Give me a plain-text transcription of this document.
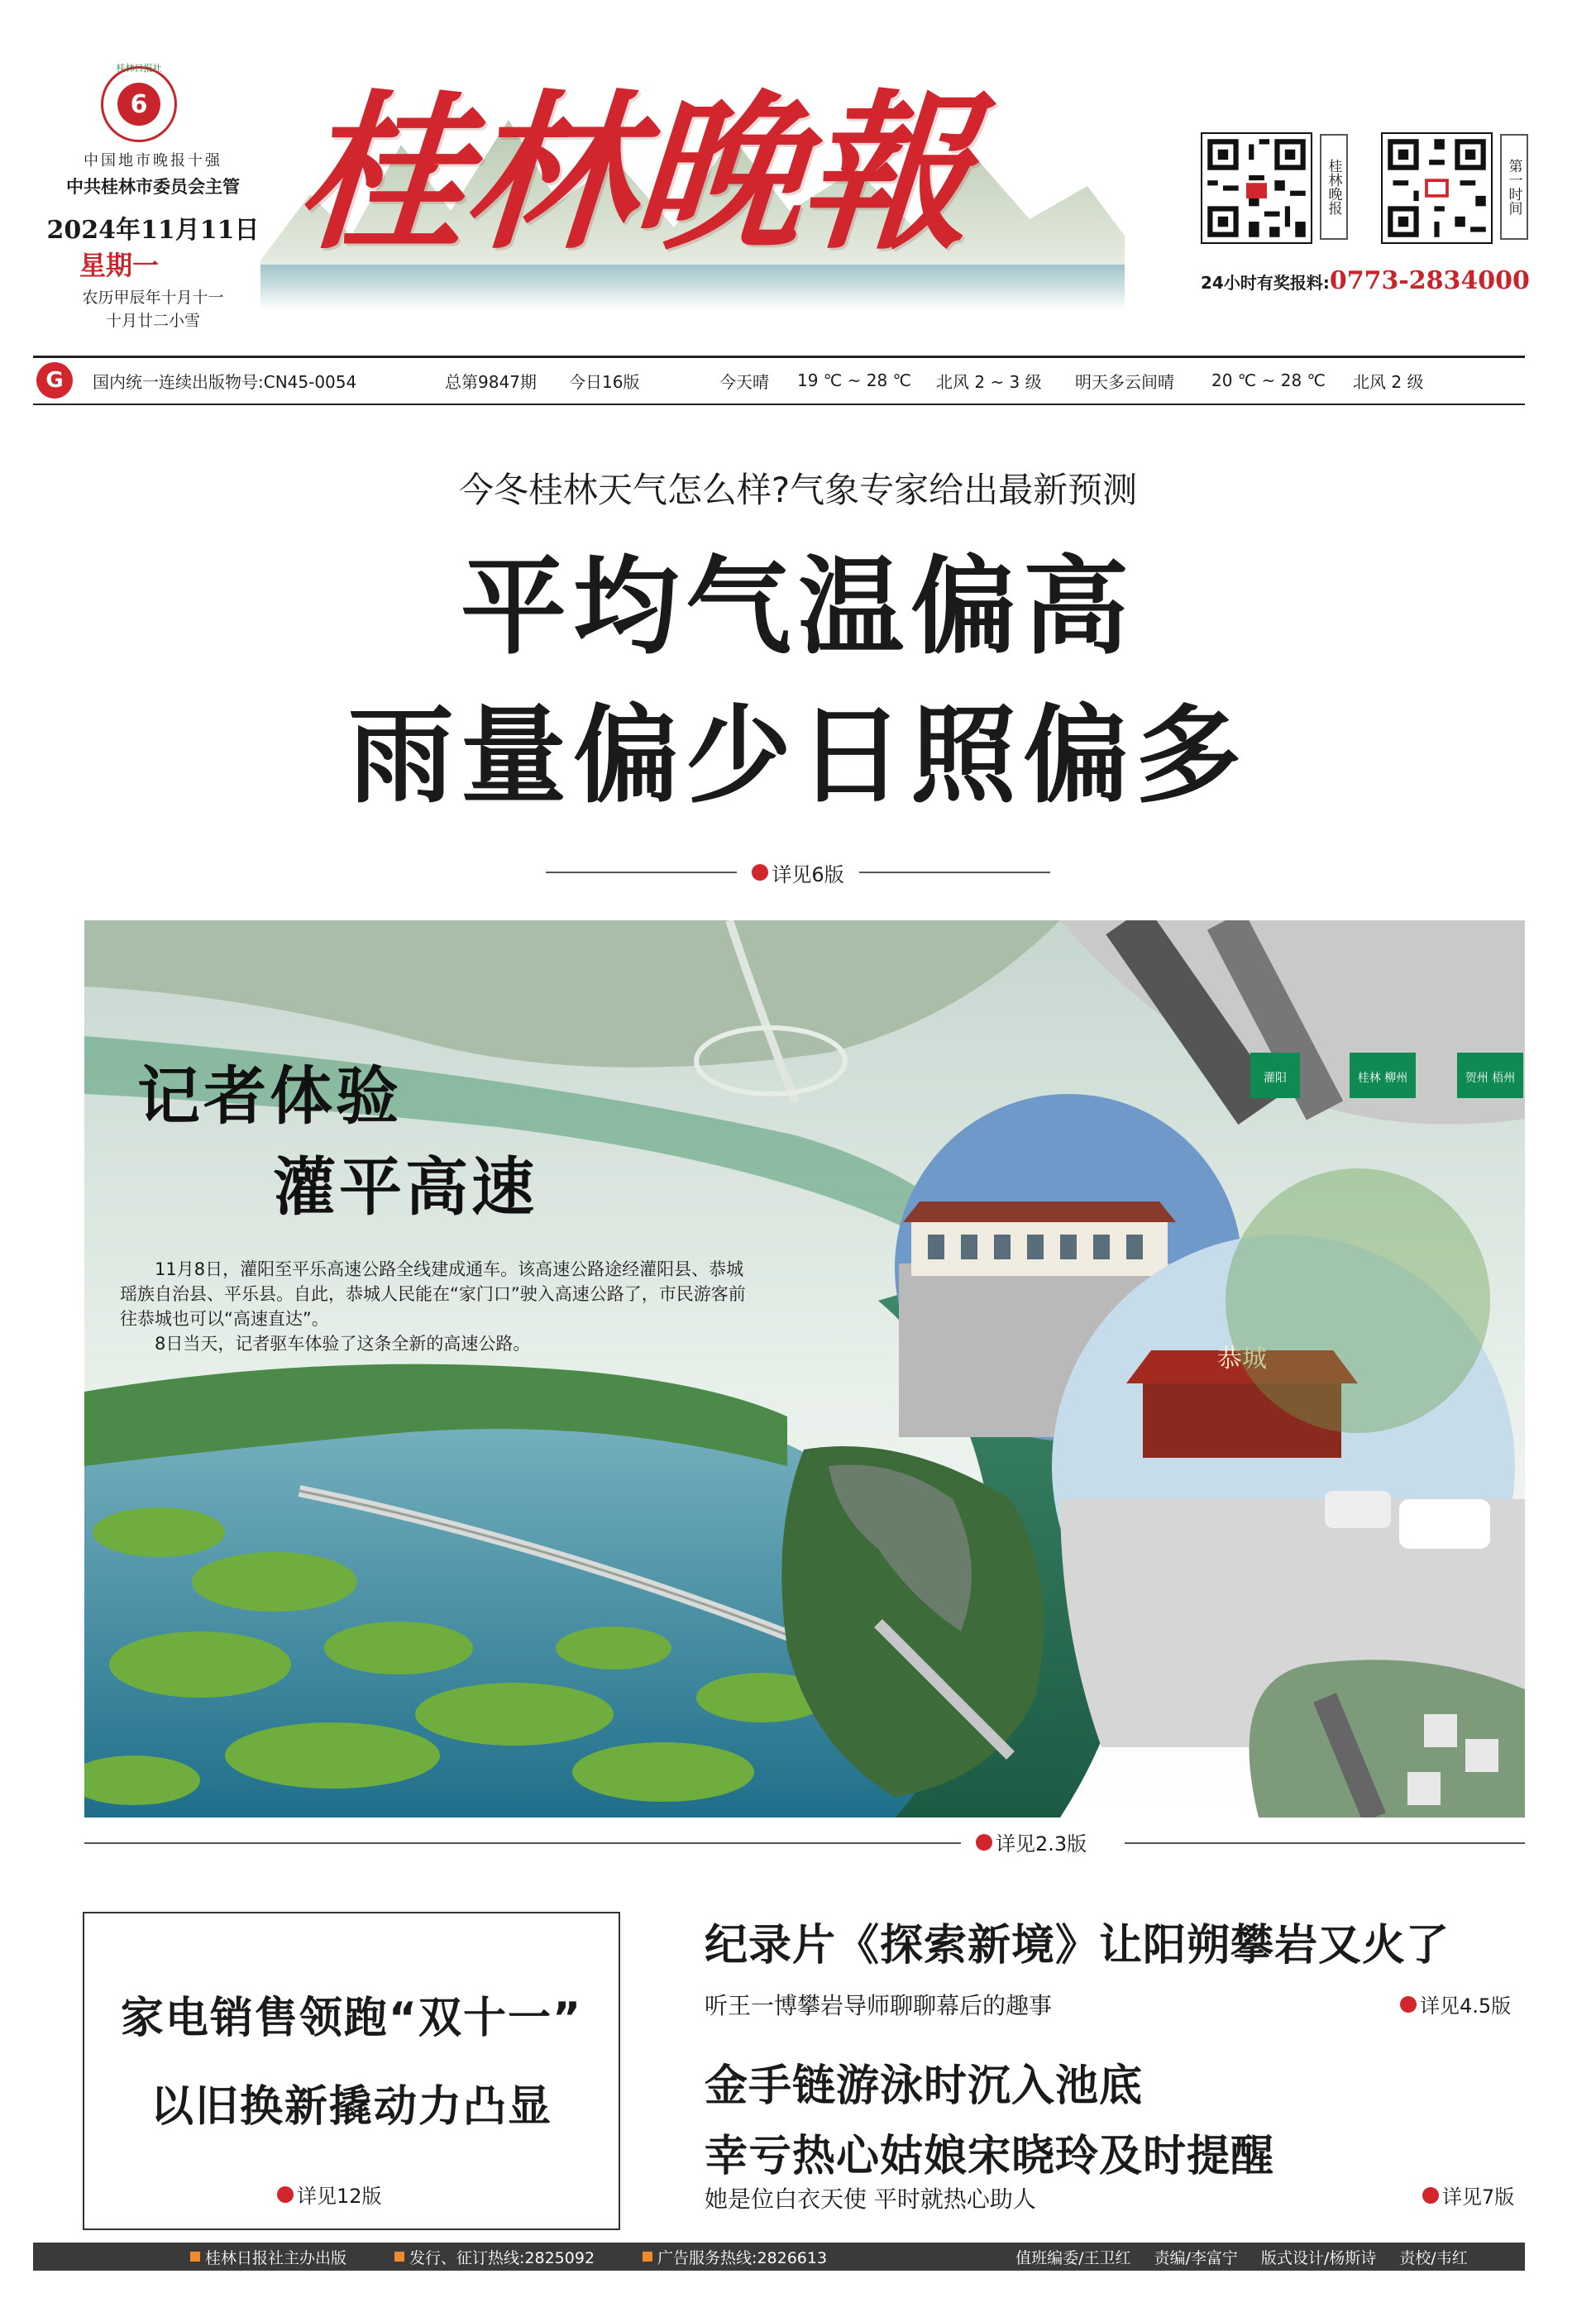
6
桂林日报社
中国地市晚报十强
中共桂林市委员会主管
2024年11月11日
星期一
农历甲辰年十月十一
十月廿二小雪
桂林晚報	桂林晚报	第一时间
24小时有奖报料:0773-2834000
G	国内统一连续出版物号:CN45-0054	总第9847期 今日16版	今天晴 19 ℃ ~ 28 ℃ 北风 2 ~ 3 级 明天多云间晴 20 ℃ ~ 28 ℃ 北风 2 级
今冬桂林天气怎么样?气象专家给出最新预测
平均气温偏高
雨量偏少日照偏多
详见6版
灌阳	桂林 柳州	贺州 梧州
恭城
记者体验
灌平高速
11月8日，灌阳至平乐高速公路全线建成通车。该高速公路途经灌阳县、恭城瑶族自治县、平乐县。自此，恭城人民能在“家门口”驶入高速公路了，市民游客前往恭城也可以“高速直达”。
8日当天，记者驱车体验了这条全新的高速公路。
详见2.3版
家电销售领跑“双十一”
以旧换新撬动力凸显
详见12版
纪录片《探索新境》让阳朔攀岩又火了
听王一博攀岩导师聊聊幕后的趣事	详见4.5版
金手链游泳时沉入池底
幸亏热心姑娘宋晓玲及时提醒
她是位白衣天使 平时就热心助人	详见7版
桂林日报社主办出版	发行、征订热线:2825092	广告服务热线:2826613	值班编委/王卫红 责编/李富宁 版式设计/杨斯诗 责校/韦红
